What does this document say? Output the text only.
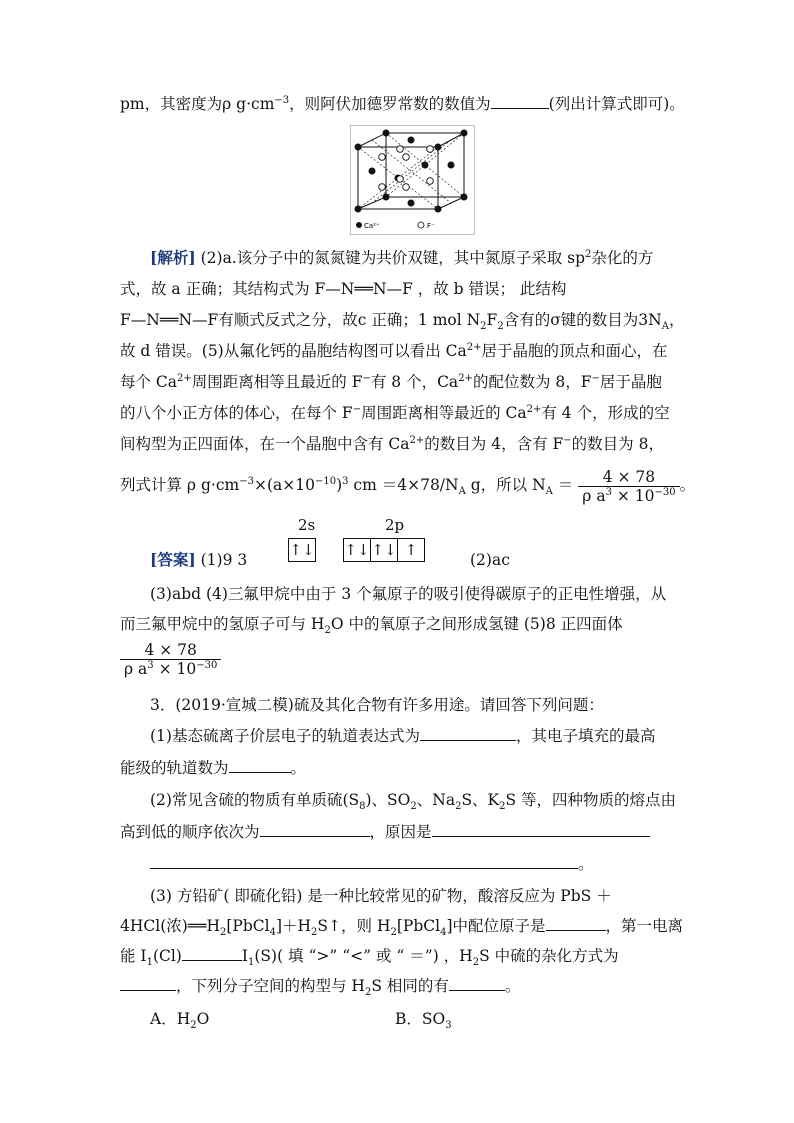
pm，其密度为ρ $g\cdot cm^{-3}$，则阿伏加德罗常数的数值为	(列出计算式即可)。
Ca²⁺	F⁻
[解析] (2)a.该分子中的氮氮键为共价双键，其中氮原子采取 $sp^2$杂化的方
式，故 a 正确；其结构式为 F—N══N—F ，故 b 错误； 此结构
F—N══N—F有顺式反式之分，故c 正确；1 mol $N_2F_2$含有的σ键的数目为$3N_A$，
故 d 错误。(5)从氟化钙的晶胞结构图可以看出 $Ca^{2+}$居于晶胞的顶点和面心，在
每个 $Ca^{2+}$周围距离相等且最近的 F−有 8 个，$Ca^{2+}$的配位数为 8，F−居于晶胞
的八个小正方体的体心，在每个 F−周围距离相等最近的 $Ca^{2+}$有 4 个，形成的空
间构型为正四面体，在一个晶胞中含有 $Ca^{2+}$的数目为 4，含有 F−的数目为 8，
列式计算 ρ $g\cdot cm^{-3}\times(a\times 10^{-10})^3$ cm $=4\times 78/N_A$ g，所以 $N_A = \frac{4 \times 78}{\rho a^3 \times 10^{-30}}$ 。
2s	2p
↑↓ ↑↓ ↑↓ ↑
[答案] (1)9 3	(2)ac
(3)abd (4)三氟甲烷中由于 3 个氟原子的吸引使得碳原子的正电性增强，从
而三氟甲烷中的氢原子可与 $H_2O$ 中的氧原子之间形成氢键 (5)8 正四面体
$\frac{4 \times 78}{\rho a^3 \times 10^{-30}}$
3．(2019·宣城二模)硫及其化合物有许多用途。请回答下列问题：
(1)基态硫离子价层电子的轨道表达式为	，其电子填充的最高
能级的轨道数为	。
(2)常见含硫的物质有单质硫$(S_8)$、$SO_2$、$Na_2S$、$K_2S$ 等，四种物质的熔点由
高到低的顺序依次为	，原因是
。
(3) 方铅矿( 即硫化铅) 是一种比较常见的矿物，酸溶反应为 PbS ＋
4HCl(浓)$══H_2[PbCl_4]+H_2S↑$，则 $H_2[PbCl_4]$中配位原子是	，第一电离
能 $I_1(Cl)$	$I_1(S)$( 填 “>” “<” 或 “ ＝”) ，$H_2S$ 中硫的杂化方式为
，下列分子空间的构型与 $H_2S$ 相同的有	。
A．$H_2O$	B．$SO_3$
